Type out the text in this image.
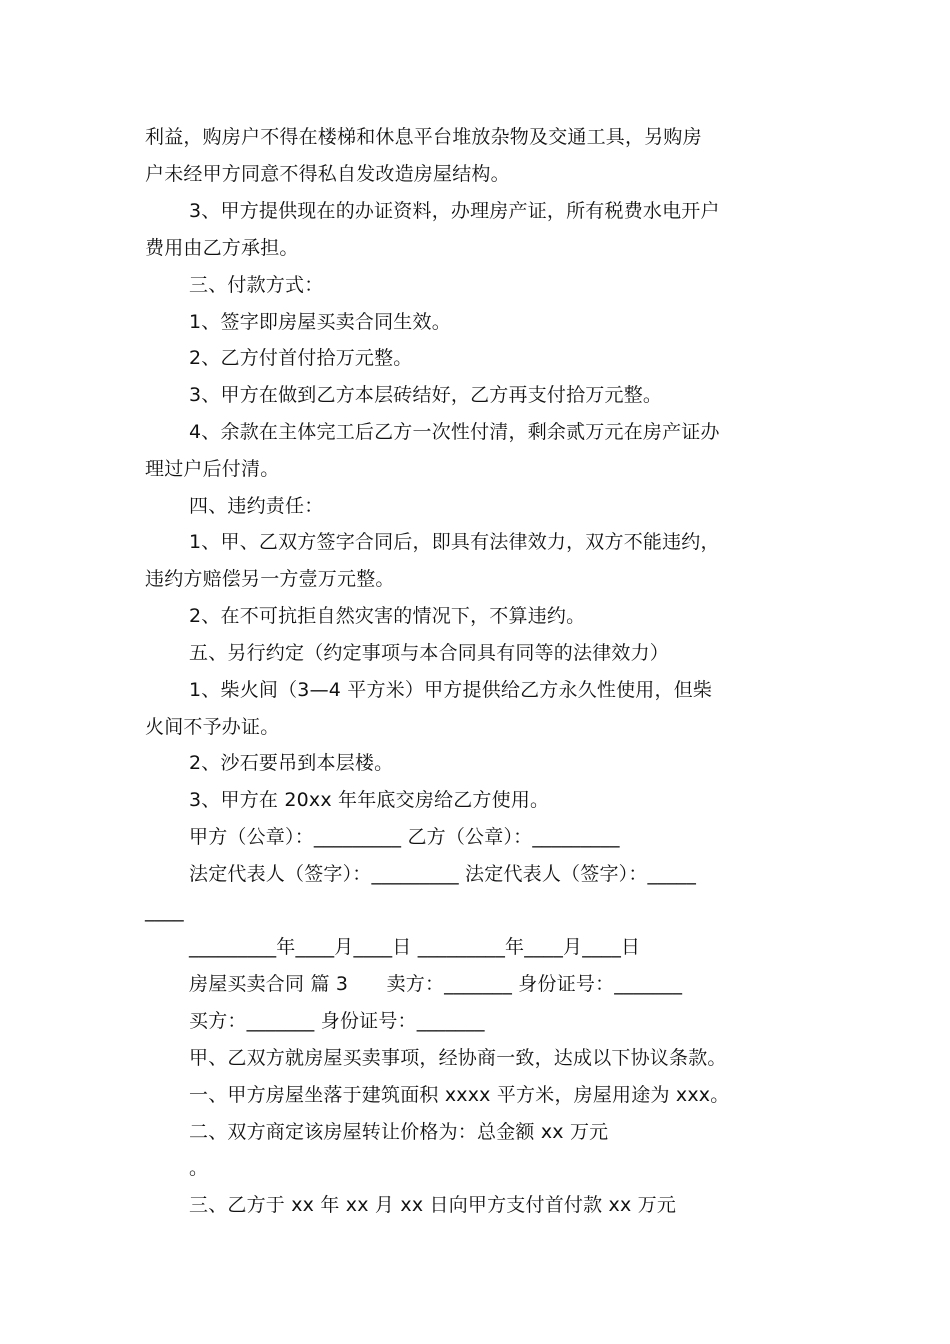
利益，购房户不得在楼梯和休息平台堆放杂物及交通工具，另购房
户未经甲方同意不得私自发改造房屋结构。
3、甲方提供现在的办证资料，办理房产证，所有税费水电开户
费用由乙方承担。
三、付款方式：
1、签字即房屋买卖合同生效。
2、乙方付首付拾万元整。
3、甲方在做到乙方本层砖结好，乙方再支付拾万元整。
4、余款在主体完工后乙方一次性付清，剩余贰万元在房产证办
理过户后付清。
四、违约责任：
1、甲、乙双方签字合同后，即具有法律效力，双方不能违约，
违约方赔偿另一方壹万元整。
2、在不可抗拒自然灾害的情况下，不算违约。
五、另行约定（约定事项与本合同具有同等的法律效力）
1、柴火间（3—4 平方米）甲方提供给乙方永久性使用，但柴
火间不予办证。
2、沙石要吊到本层楼。
3、甲方在 20xx 年年底交房给乙方使用。
甲方（公章）：_________ 乙方（公章）：_________
法定代表人（签字）：_________ 法定代表人（签字）：_____
____
_________年____月____日 _________年____月____日
房屋买卖合同 篇 3　　卖方：_______ 身份证号：_______
买方：_______ 身份证号：_______
甲、乙双方就房屋买卖事项，经协商一致，达成以下协议条款。
一、甲方房屋坐落于建筑面积 xxxx 平方米，房屋用途为 xxx。
二、双方商定该房屋转让价格为：总金额 xx 万元
。
三、乙方于 xx 年 xx 月 xx 日向甲方支付首付款 xx 万元
